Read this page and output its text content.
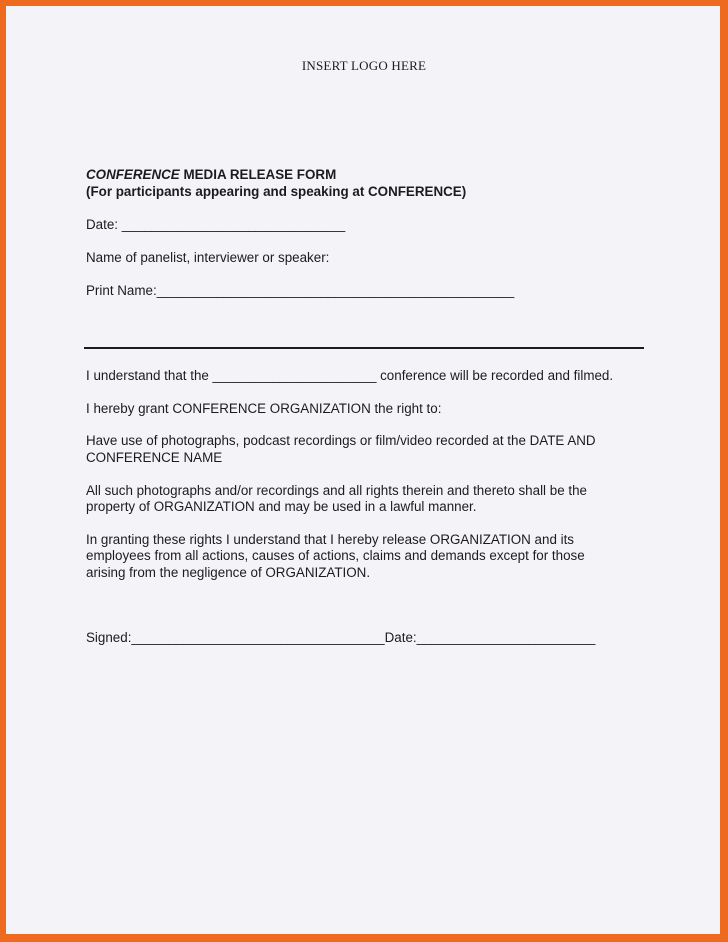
INSERT LOGO HERE
CONFERENCE MEDIA RELEASE FORM
(For participants appearing and speaking at CONFERENCE)
Date: ______________________________
Name of panelist, interviewer or speaker:
Print Name:________________________________________________
I understand that the ______________________ conference will be recorded and filmed.
I hereby grant CONFERENCE ORGANIZATION the right to:
Have use of photographs, podcast recordings or film/video recorded at the DATE AND
CONFERENCE NAME
All such photographs and/or recordings and all rights therein and thereto shall be the
property of ORGANIZATION and may be used in a lawful manner.
In granting these rights I understand that I hereby release ORGANIZATION and its
employees from all actions, causes of actions, claims and demands except for those
arising from the negligence of ORGANIZATION.
Signed:__________________________________Date:________________________
